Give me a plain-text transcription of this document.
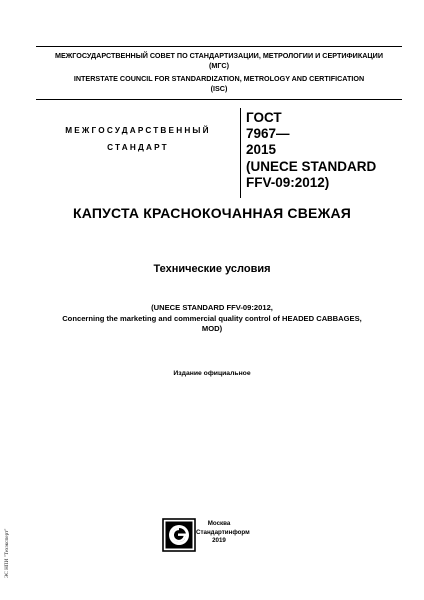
МЕЖГОСУДАРСТВЕННЫЙ СОВЕТ ПО СТАНДАРТИЗАЦИИ, МЕТРОЛОГИИ И СЕРТИФИКАЦИИ
(МГС)
INTERSTATE COUNCIL FOR STANDARDIZATION, METROLOGY AND CERTIFICATION
(ISC)
МЕЖГОСУДАРСТВЕННЫЙ
СТАНДАРТ
ГОСТ
7967—
2015
(UNECE STANDARD
FFV-09:2012)
КАПУСТА КРАСНОКОЧАННАЯ СВЕЖАЯ
Технические условия
(UNECE STANDARD FFV-09:2012,
Concerning the marketing and commercial quality control of HEADED CABBAGES,
MOD)
Издание официальное
Москва
Стандартинформ
2019
ЭС НПИ "Техэксперт"
